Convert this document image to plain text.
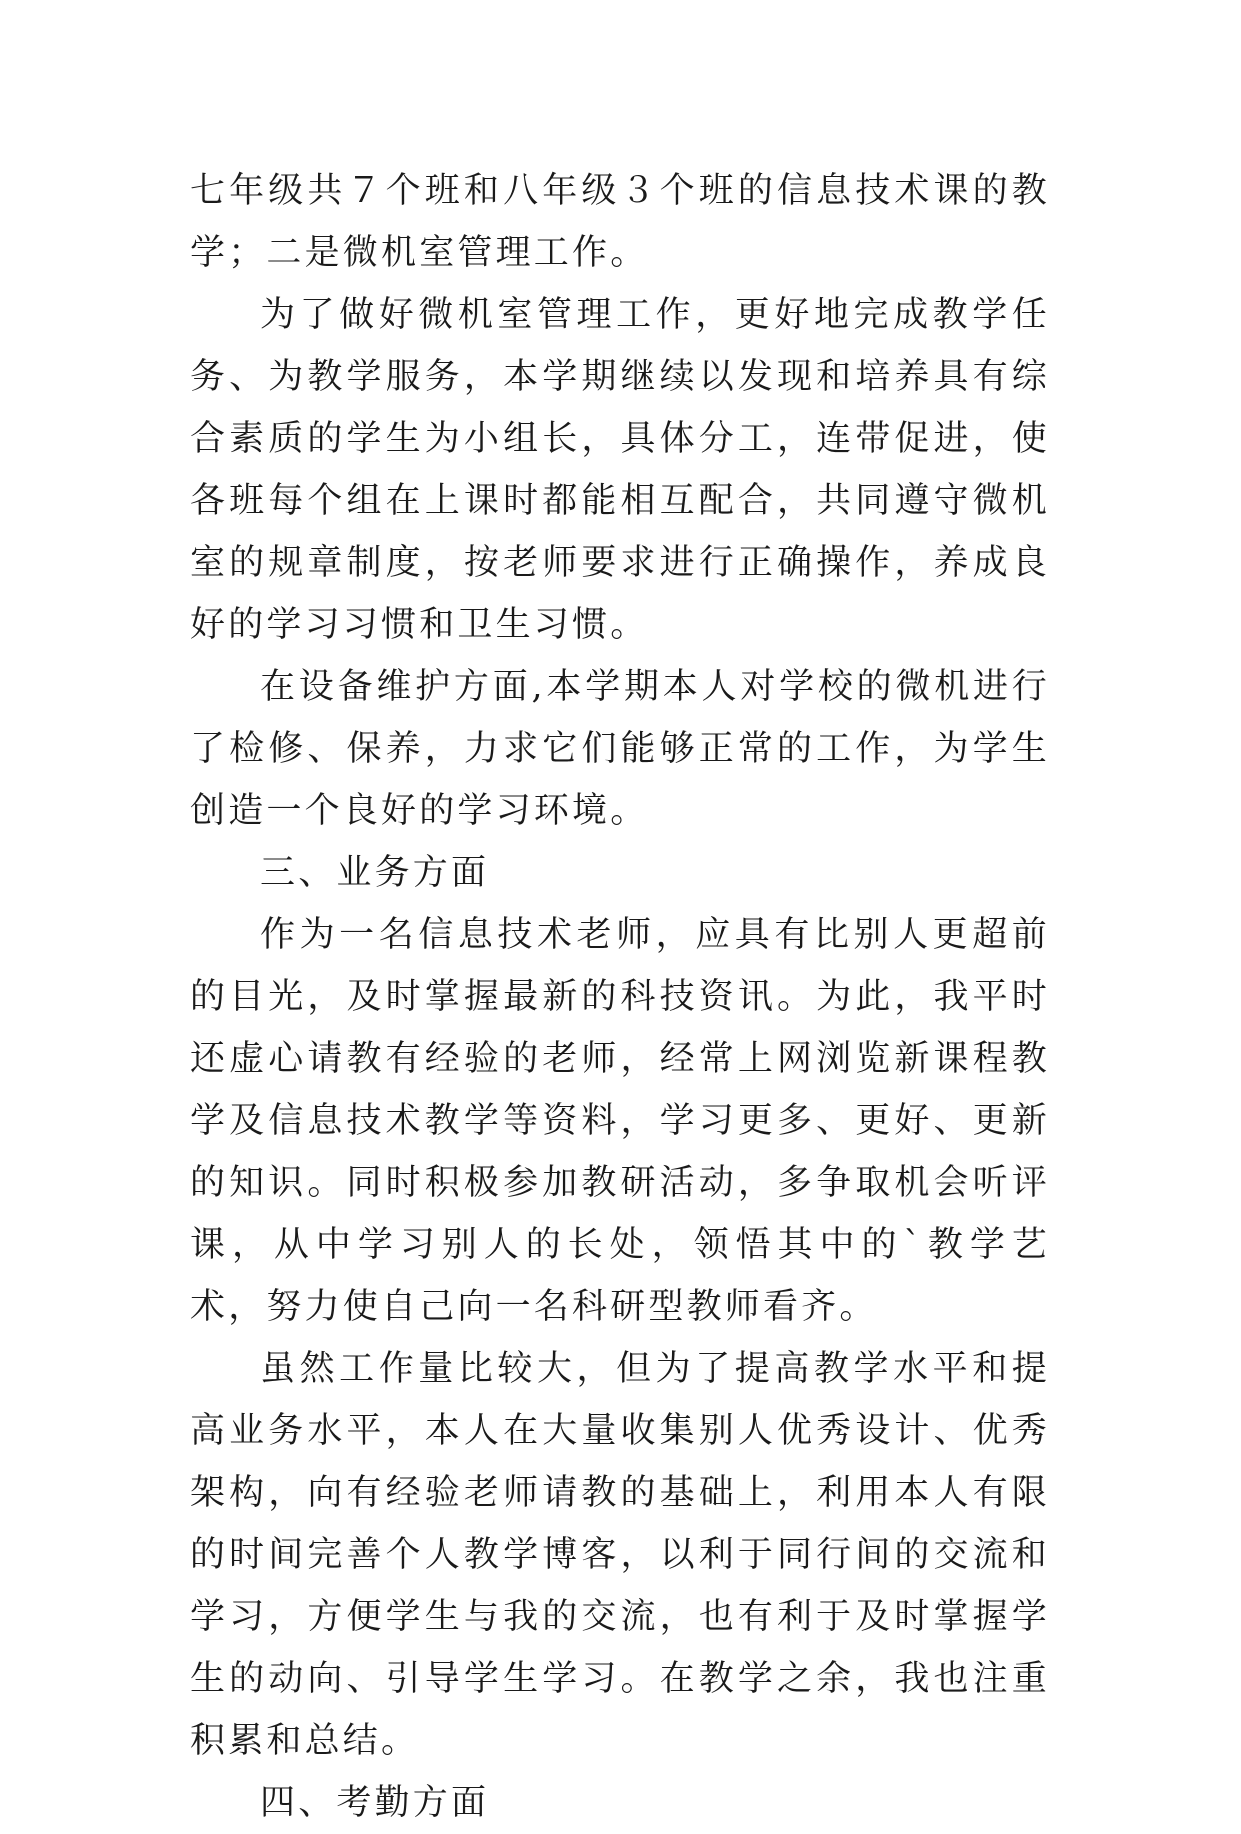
七年级共７个班和八年级３个班的信息技术课的教学；二是微机室管理工作。

为了做好微机室管理工作，更好地完成教学任务、为教学服务，本学期继续以发现和培养具有综合素质的学生为小组长，具体分工，连带促进，使各班每个组在上课时都能相互配合，共同遵守微机室的规章制度，按老师要求进行正确操作，养成良好的学习习惯和卫生习惯。

在设备维护方面,本学期本人对学校的微机进行了检修、保养，力求它们能够正常的工作，为学生创造一个良好的学习环境。

三、业务方面

作为一名信息技术老师，应具有比别人更超前的目光，及时掌握最新的科技资讯。为此，我平时还虚心请教有经验的老师，经常上网浏览新课程教学及信息技术教学等资料，学习更多、更好、更新的知识。同时积极参加教研活动，多争取机会听评课，从中学习别人的长处，领悟其中的`教学艺术，努力使自己向一名科研型教师看齐。

虽然工作量比较大，但为了提高教学水平和提高业务水平，本人在大量收集别人优秀设计、优秀架构，向有经验老师请教的基础上，利用本人有限的时间完善个人教学博客，以利于同行间的交流和学习，方便学生与我的交流，也有利于及时掌握学生的动向、引导学生学习。在教学之余，我也注重积累和总结。

四、考勤方面
